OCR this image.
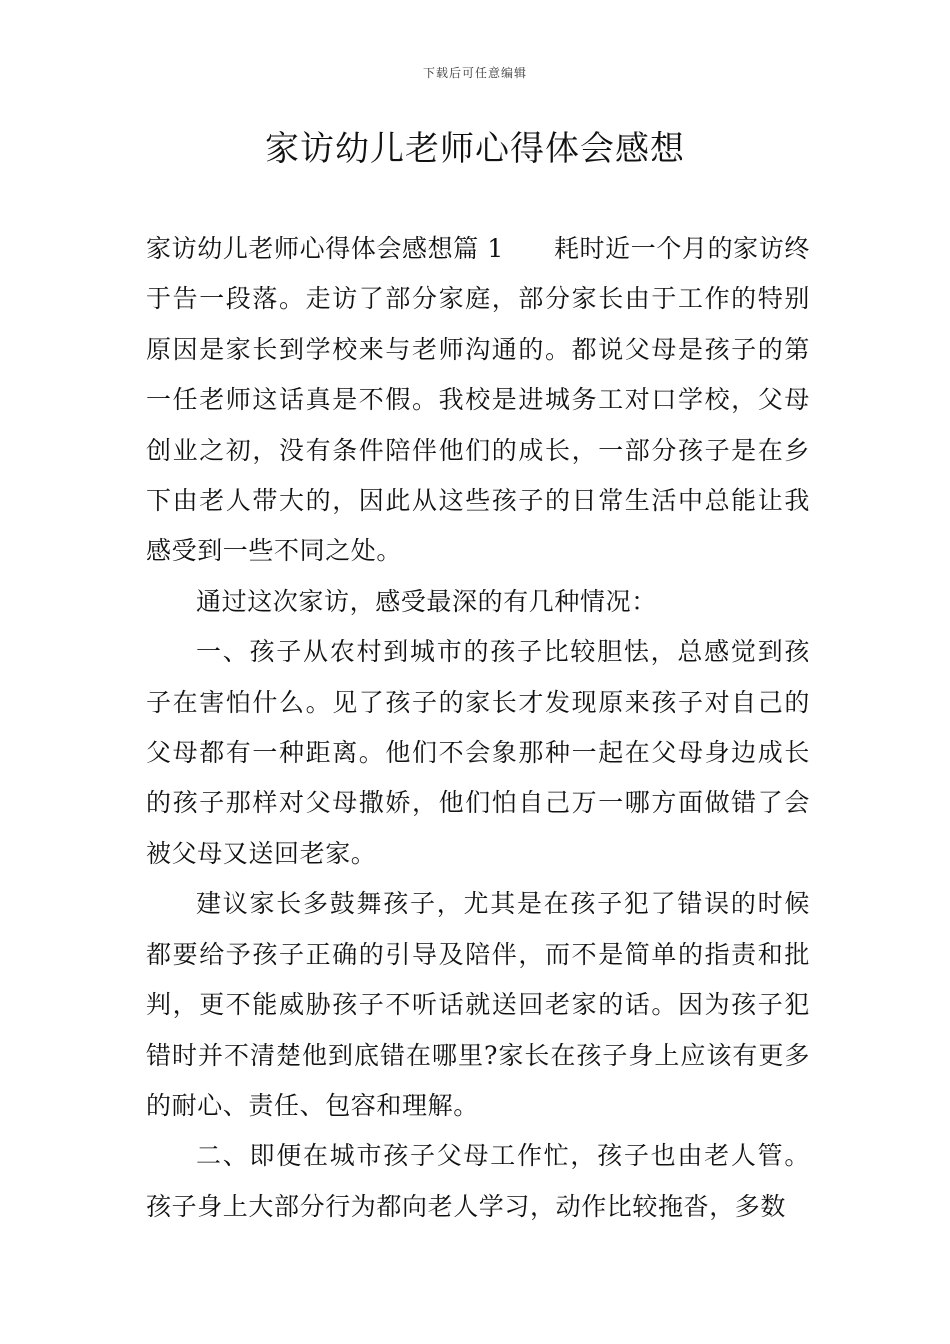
下载后可任意编辑
家访幼儿老师心得体会感想

家访幼儿老师心得体会感想篇 1 耗时近一个月的家访终于告一段落。走访了部分家庭，部分家长由于工作的特别原因是家长到学校来与老师沟通的。都说父母是孩子的第一任老师这话真是不假。我校是进城务工对口学校，父母创业之初，没有条件陪伴他们的成长，一部分孩子是在乡下由老人带大的，因此从这些孩子的日常生活中总能让我感受到一些不同之处。

通过这次家访，感受最深的有几种情况：

一、孩子从农村到城市的孩子比较胆怯，总感觉到孩子在害怕什么。见了孩子的家长才发现原来孩子对自己的父母都有一种距离。他们不会象那种一起在父母身边成长的孩子那样对父母撒娇，他们怕自己万一哪方面做错了会被父母又送回老家。

建议家长多鼓舞孩子，尤其是在孩子犯了错误的时候都要给予孩子正确的引导及陪伴，而不是简单的指责和批判，更不能威胁孩子不听话就送回老家的话。因为孩子犯错时并不清楚他到底错在哪里?家长在孩子身上应该有更多的耐心、责任、包容和理解。

二、即便在城市孩子父母工作忙，孩子也由老人管。孩子身上大部分行为都向老人学习，动作比较拖沓，多数
